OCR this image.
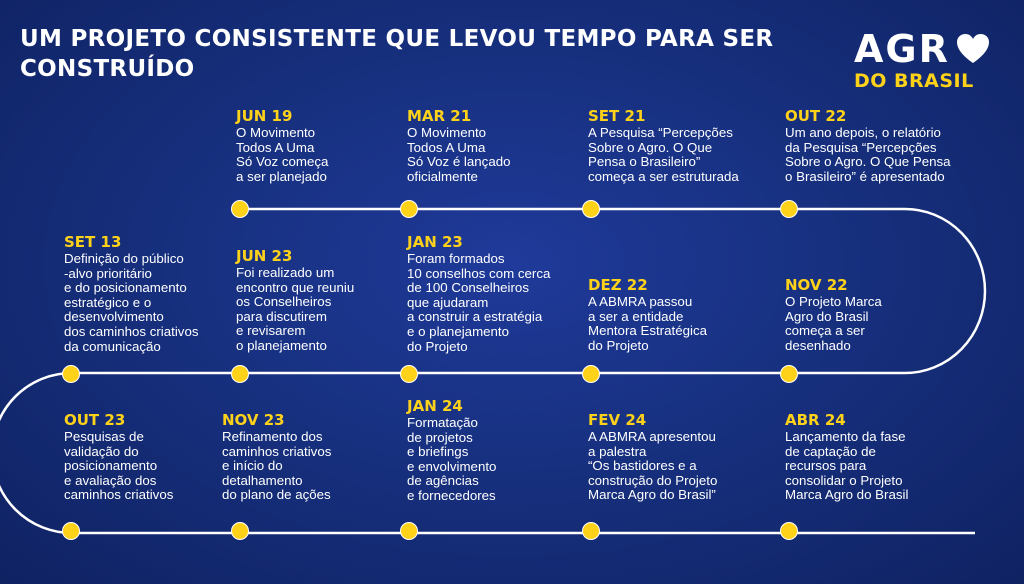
UM PROJETO CONSISTENTE QUE LEVOU TEMPO PARA SER CONSTRUÍDO	AGR
DO BRASIL
JUN 19
O Movimento
Todos A Uma
Só Voz começa
a ser planejado
MAR 21
O Movimento
Todos A Uma
Só Voz é lançado
oficialmente
SET 21
A Pesquisa “Percepções
Sobre o Agro. O Que
Pensa o Brasileiro”
começa a ser estruturada
OUT 22
Um ano depois, o relatório
da Pesquisa “Percepções
Sobre o Agro. O Que Pensa
o Brasileiro” é apresentado
SET 13
Definição do público
-alvo prioritário
e do posicionamento
estratégico e o
desenvolvimento
dos caminhos criativos
da comunicação
JUN 23
Foi realizado um
encontro que reuniu
os Conselheiros
para discutirem
e revisarem
o planejamento
JAN 23
Foram formados
10 conselhos com cerca
de 100 Conselheiros
que ajudaram
a construir a estratégia
e o planejamento
do Projeto
DEZ 22
A ABMRA passou
a ser a entidade
Mentora Estratégica
do Projeto
NOV 22
O Projeto Marca
Agro do Brasil
começa a ser
desenhado
OUT 23
Pesquisas de
validação do
posicionamento
e avaliação dos
caminhos criativos
NOV 23
Refinamento dos
caminhos criativos
e início do
detalhamento
do plano de ações
JAN 24
Formatação
de projetos
e briefings
e envolvimento
de agências
e fornecedores
FEV 24
A ABMRA apresentou
a palestra
“Os bastidores e a
construção do Projeto
Marca Agro do Brasil”
ABR 24
Lançamento da fase
de captação de
recursos para
consolidar o Projeto
Marca Agro do Brasil
